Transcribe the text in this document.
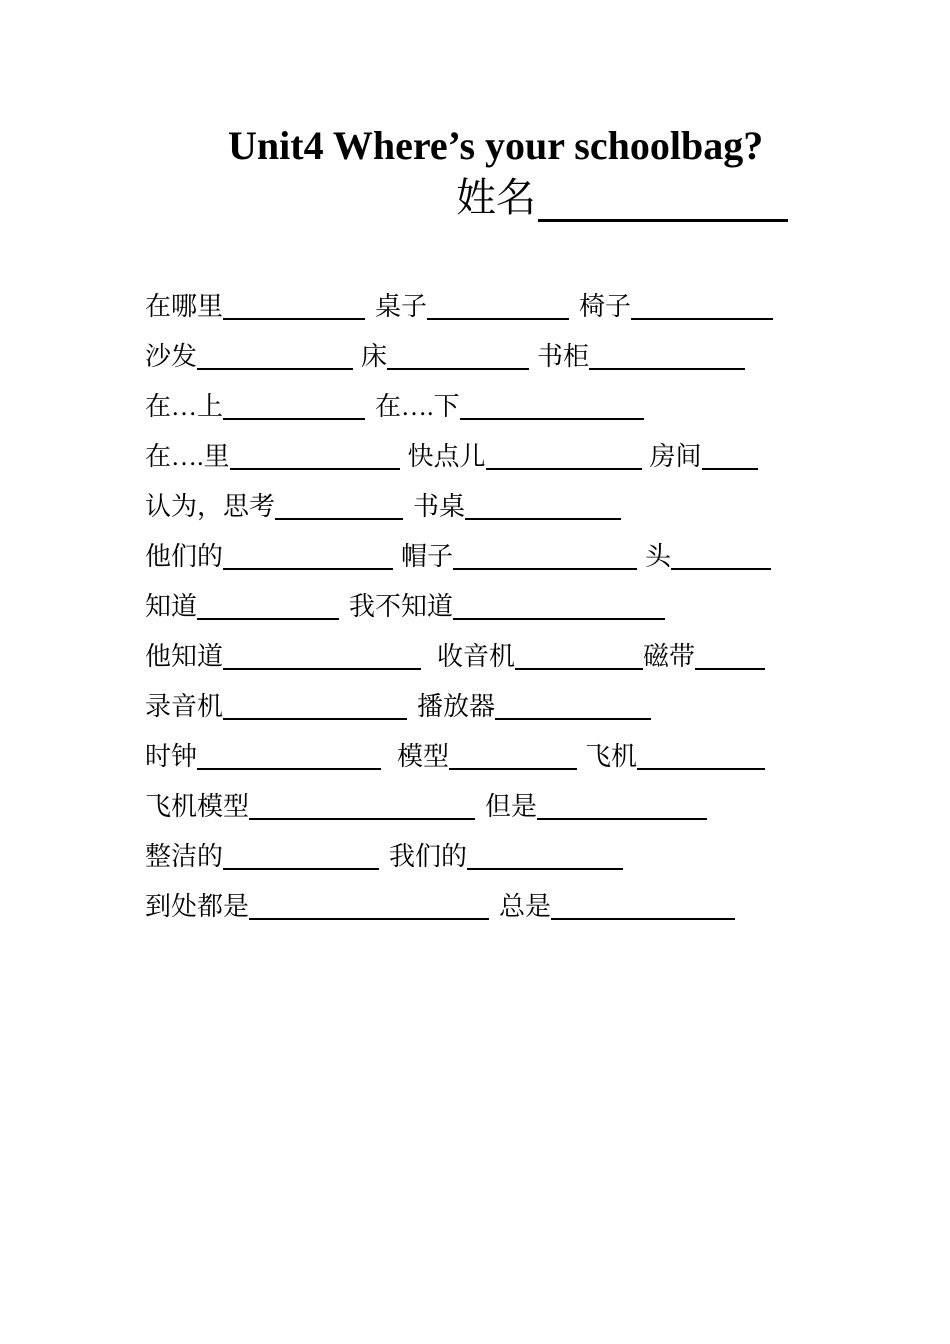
Unit4 Where’s your schoolbag?
姓名
在哪里	桌子	椅子
沙发	床	书柜
在…上	在….下
在….里	快点儿	房间
认为，思考	书桌
他们的	帽子	头
知道	我不知道
他知道	收音机	磁带
录音机	播放器
时钟	模型	飞机
飞机模型	但是
整洁的	我们的
到处都是	总是
